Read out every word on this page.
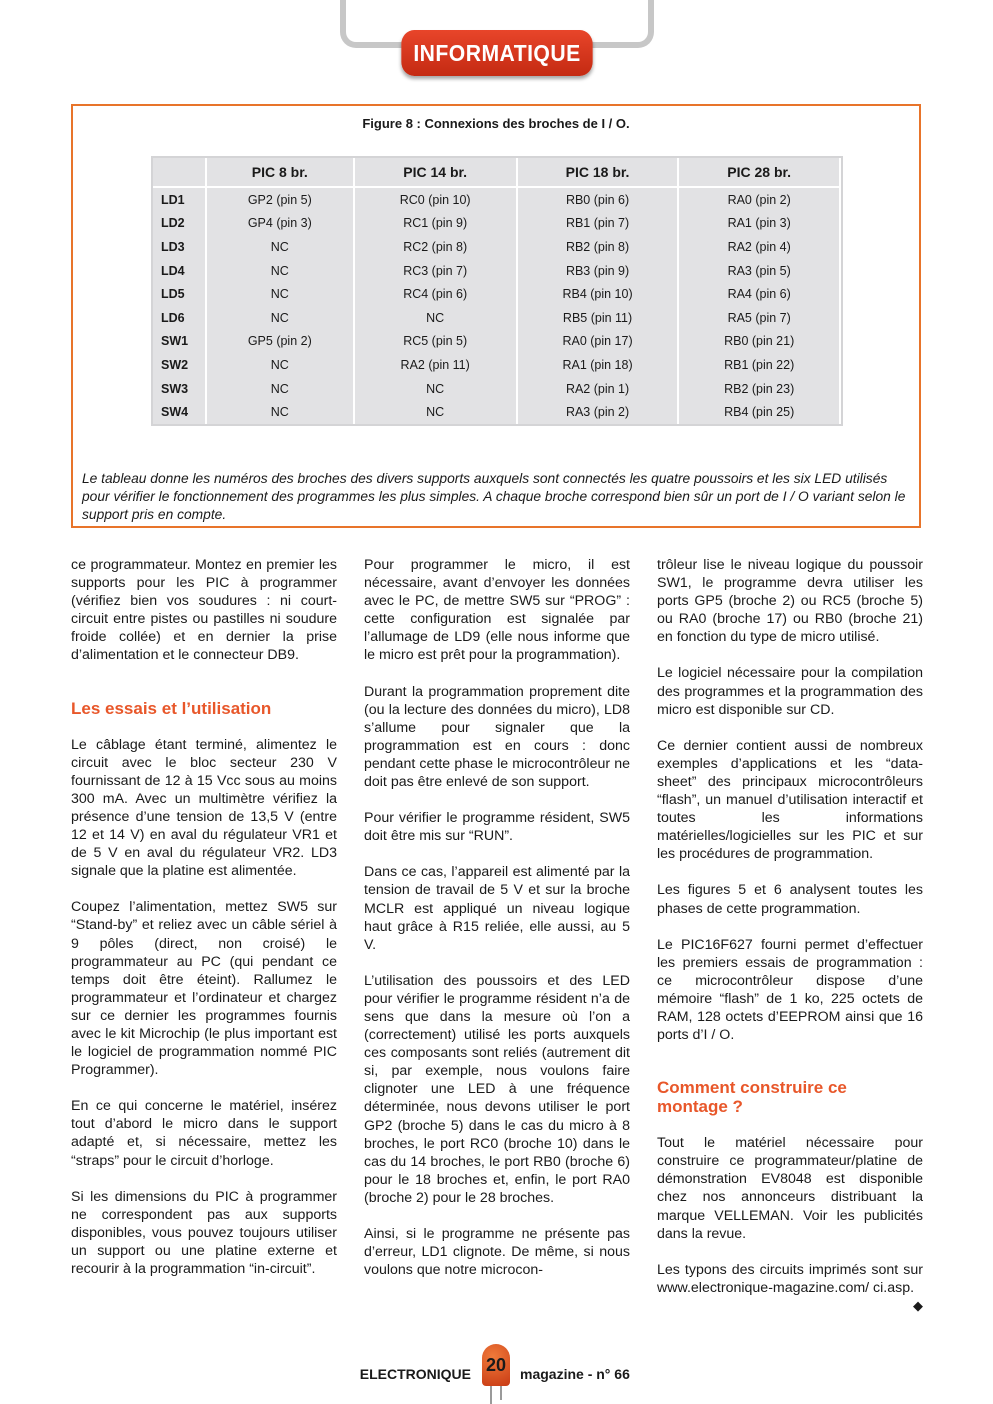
INFORMATIQUE
Figure 8 : Connexions des broches de I / O.
	PIC 8 br.	PIC 14 br.	PIC 18 br.	PIC 28 br.
LD1	GP2 (pin 5)	RC0 (pin 10)	RB0 (pin 6)	RA0 (pin 2)
LD2	GP4 (pin 3)	RC1 (pin 9)	RB1 (pin 7)	RA1 (pin 3)
LD3	NC	RC2 (pin 8)	RB2 (pin 8)	RA2 (pin 4)
LD4	NC	RC3 (pin 7)	RB3 (pin 9)	RA3 (pin 5)
LD5	NC	RC4 (pin 6)	RB4 (pin 10)	RA4 (pin 6)
LD6	NC	NC	RB5 (pin 11)	RA5 (pin 7)
SW1	GP5 (pin 2)	RC5 (pin 5)	RA0 (pin 17)	RB0 (pin 21)
SW2	NC	RA2 (pin 11)	RA1 (pin 18)	RB1 (pin 22)
SW3	NC	NC	RA2 (pin 1)	RB2 (pin 23)
SW4	NC	NC	RA3 (pin 2)	RB4 (pin 25)
Le tableau donne les numéros des broches des divers supports auxquels sont connectés les quatre poussoirs et les six LED utilisés pour vérifier le fonctionnement des programmes les plus simples. A chaque broche correspond bien sûr un port de I / O variant selon le support pris en compte.

ce programmateur. Montez en premier les supports pour les PIC à programmer (vérifiez bien vos soudures : ni court-circuit entre pistes ou pastilles ni soudure froide collée) et en dernier la prise d’alimentation et le connecteur DB9.

Les essais et l’utilisation

Le câblage étant terminé, alimentez le circuit avec le bloc secteur 230 V fournissant de 12 à 15 Vcc sous au moins 300 mA. Avec un multimètre vérifiez la présence d’une tension de 13,5 V (entre 12 et 14 V) en aval du régulateur VR1 et de 5 V en aval du régulateur VR2. LD3 signale que la platine est alimentée.

Coupez l’alimentation, mettez SW5 sur “Stand-by” et reliez avec un câble sériel à 9 pôles (direct, non croisé) le programmateur au PC (qui pendant ce temps doit être éteint). Rallumez le programmateur et l’ordinateur et chargez sur ce dernier les programmes fournis avec le kit Microchip (le plus important est le logiciel de programmation nommé PIC Programmer).

En ce qui concerne le matériel, insérez tout d’abord le micro dans le support adapté et, si nécessaire, mettez les “straps” pour le circuit d’horloge.

Si les dimensions du PIC à programmer ne correspondent pas aux supports disponibles, vous pouvez toujours utiliser un support ou une platine externe et recourir à la programmation “in-circuit”.

Pour programmer le micro, il est nécessaire, avant d’envoyer les données avec le PC, de mettre SW5 sur “PROG” : cette configuration est signalée par l’allumage de LD9 (elle nous informe que le micro est prêt pour la programmation).

Durant la programmation proprement dite (ou la lecture des données du micro), LD8 s’allume pour signaler que la programmation est en cours : donc pendant cette phase le microcontrôleur ne doit pas être enlevé de son support.

Pour vérifier le programme résident, SW5 doit être mis sur “RUN”.

Dans ce cas, l’appareil est alimenté par la tension de travail de 5 V et sur la broche MCLR est appliqué un niveau logique haut grâce à R15 reliée, elle aussi, au 5 V.

L’utilisation des poussoirs et des LED pour vérifier le programme résident n’a de sens que dans la mesure où l’on a (correctement) utilisé les ports auxquels ces composants sont reliés (autrement dit si, par exemple, nous voulons faire clignoter une LED à une fréquence déterminée, nous devons utiliser le port GP2 (broche 5) dans le cas du micro à 8 broches, le port RC0 (broche 10) dans le cas du 14 broches, le port RB0 (broche 6) pour le 18 broches et, enfin, le port RA0 (broche 2) pour le 28 broches.

Ainsi, si le programme ne présente pas d’erreur, LD1 clignote. De même, si nous voulons que notre microcon-

trôleur lise le niveau logique du poussoir SW1, le programme devra utiliser les ports GP5 (broche 2) ou RC5 (broche 5) ou RA0 (broche 17) ou RB0 (broche 21) en fonction du type de micro utilisé.

Le logiciel nécessaire pour la compilation des programmes et la programmation des micro est disponible sur CD.

Ce dernier contient aussi de nombreux exemples d’applications et les “data-sheet” des principaux microcontrôleurs “flash”, un manuel d’utilisation interactif et toutes les informations matérielles/logicielles sur les PIC et sur les procédures de programmation.

Les figures 5 et 6 analysent toutes les phases de cette programmation.

Le PIC16F627 fourni permet d’effectuer les premiers essais de programmation : ce microcontrôleur dispose d’une mémoire “flash” de 1 ko, 225 octets de RAM, 128 octets d’EEPROM ainsi que 16 ports d’I / O.

Comment construire ce montage ?

Tout le matériel nécessaire pour construire ce programmateur/platine de démonstration EV8048 est disponible chez nos annonceurs distribuant la marque VELLEMAN. Voir les publicités dans la revue.

Les typons des circuits imprimés sont sur www.electronique-magazine.com/ ci.asp.
◆

ELECTRONIQUE 20 magazine - n° 66
